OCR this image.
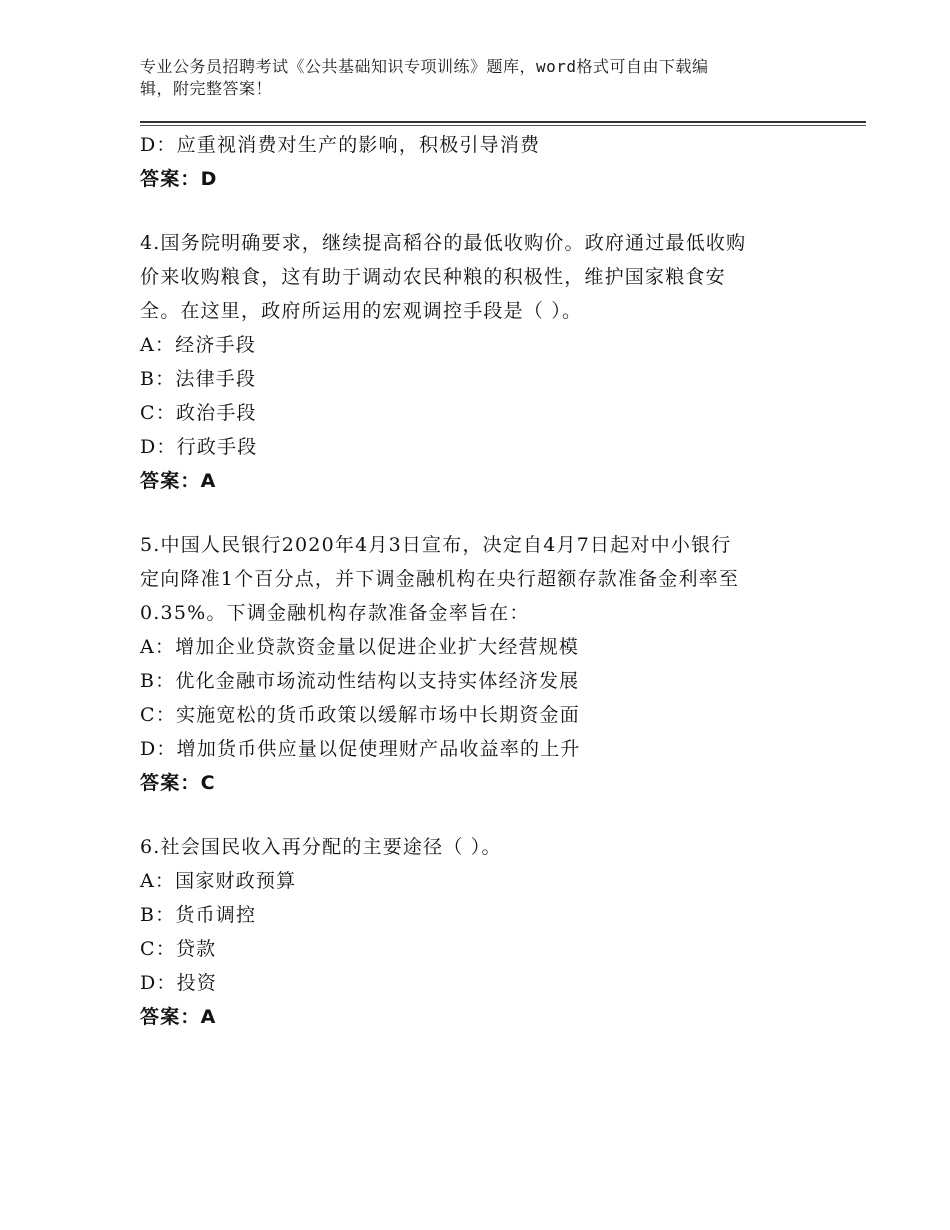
专业公务员招聘考试《公共基础知识专项训练》题库，word格式可自由下载编
辑，附完整答案！
D：应重视消费对生产的影响，积极引导消费
答案：D
4.国务院明确要求，继续提高稻谷的最低收购价。政府通过最低收购
价来收购粮食，这有助于调动农民种粮的积极性，维护国家粮食安
全。在这里，政府所运用的宏观调控手段是（ ）。
A：经济手段
B：法律手段
C：政治手段
D：行政手段
答案：A
5.中国人民银行2020年4月3日宣布，决定自4月7日起对中小银行
定向降准1个百分点，并下调金融机构在央行超额存款准备金利率至
0.35%。下调金融机构存款准备金率旨在：
A：增加企业贷款资金量以促进企业扩大经营规模
B：优化金融市场流动性结构以支持实体经济发展
C：实施宽松的货币政策以缓解市场中长期资金面
D：增加货币供应量以促使理财产品收益率的上升
答案：C
6.社会国民收入再分配的主要途径（ ）。
A：国家财政预算
B：货币调控
C：贷款
D：投资
答案：A
